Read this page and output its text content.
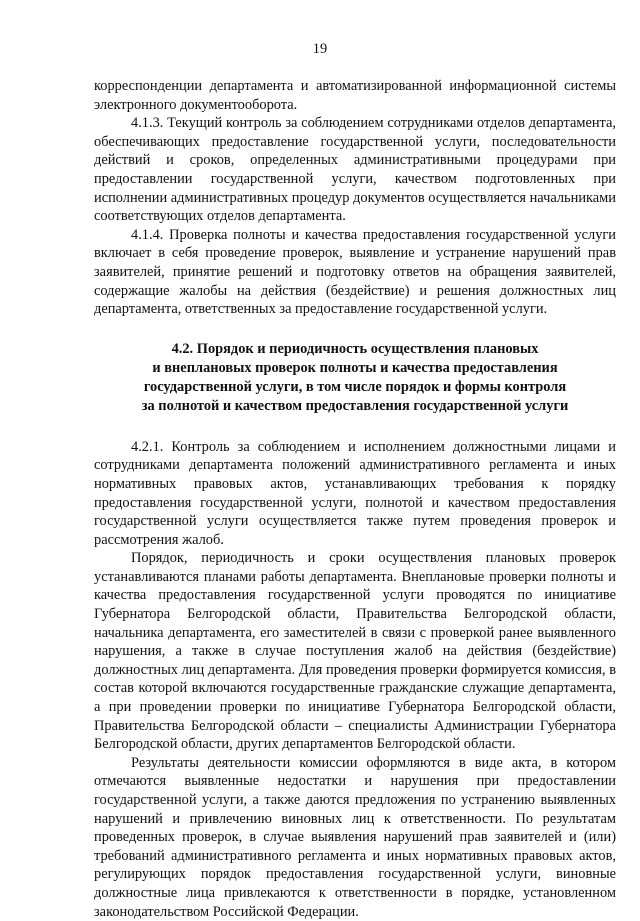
19

корреспонденции департамента и автоматизированной информационной системы электронного документооборота.

4.1.3. Текущий контроль за соблюдением сотрудниками отделов департамента, обеспечивающих предоставление государственной услуги, последовательности действий и сроков, определенных административными процедурами при предоставлении государственной услуги, качеством подготовленных при исполнении административных процедур документов осуществляется начальниками соответствующих отделов департамента.

4.1.4. Проверка полноты и качества предоставления государственной услуги включает в себя проведение проверок, выявление и устранение нарушений прав заявителей, принятие решений и подготовку ответов на обращения заявителей, содержащие жалобы на действия (бездействие) и решения должностных лиц департамента, ответственных за предоставление государственной услуги.

4.2. Порядок и периодичность осуществления плановых
и внеплановых проверок полноты и качества предоставления
государственной услуги, в том числе порядок и формы контроля
за полнотой и качеством предоставления государственной услуги

4.2.1. Контроль за соблюдением и исполнением должностными лицами и сотрудниками департамента положений административного регламента и иных нормативных правовых актов, устанавливающих требования к порядку предоставления государственной услуги, полнотой и качеством предоставления государственной услуги осуществляется также путем проведения проверок и рассмотрения жалоб.

Порядок, периодичность и сроки осуществления плановых проверок устанавливаются планами работы департамента. Внеплановые проверки полноты и качества предоставления государственной услуги проводятся по инициативе Губернатора Белгородской области, Правительства Белгородской области, начальника департамента, его заместителей в связи с проверкой ранее выявленного нарушения, а также в случае поступления жалоб на действия (бездействие) должностных лиц департамента. Для проведения проверки формируется комиссия, в состав которой включаются государственные гражданские служащие департамента, а при проведении проверки по инициативе Губернатора Белгородской области, Правительства Белгородской области – специалисты Администрации Губернатора Белгородской области, других департаментов Белгородской области.

Результаты деятельности комиссии оформляются в виде акта, в котором отмечаются выявленные недостатки и нарушения при предоставлении государственной услуги, а также даются предложения по устранению выявленных нарушений и привлечению виновных лиц к ответственности. По результатам проведенных проверок, в случае выявления нарушений прав заявителей и (или) требований административного регламента и иных нормативных правовых актов, регулирующих порядок предоставления государственной услуги, виновные должностные лица привлекаются к ответственности в порядке, установленном законодательством Российской Федерации.
